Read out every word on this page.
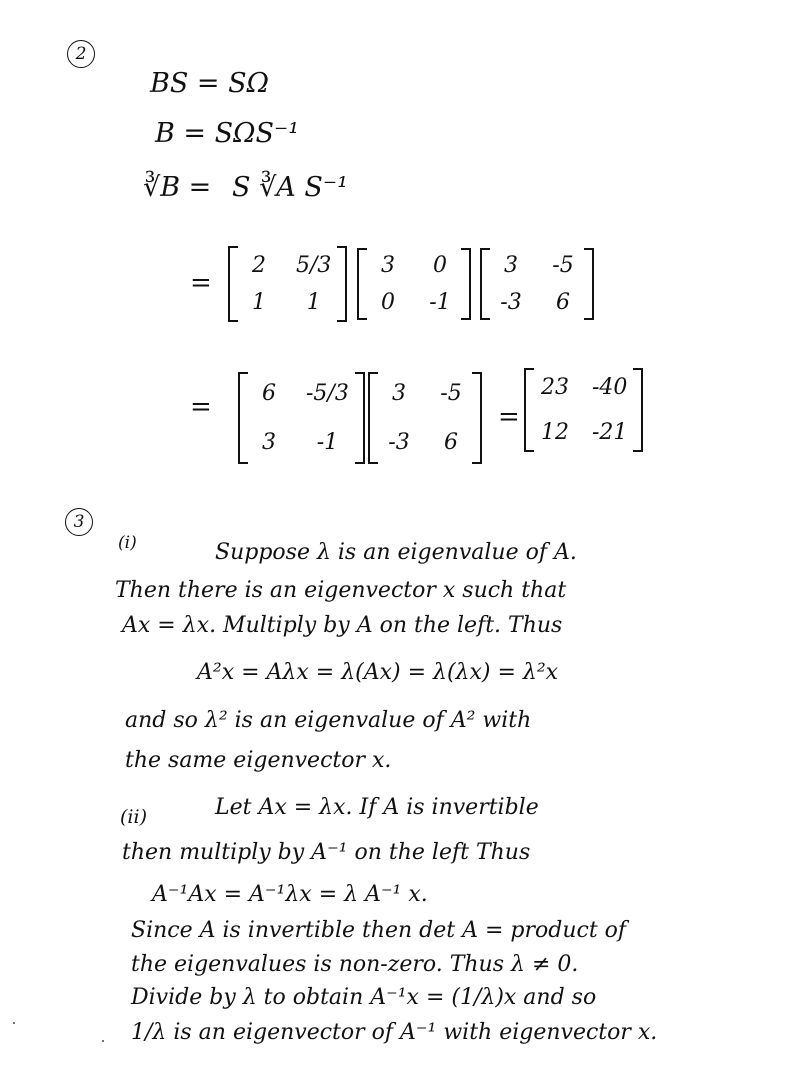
2
BS = SΩ
B = SΩS⁻¹
∛B = S ∛A S⁻¹
=
2	5/3
1	1
3	0
0	-1
3	-5
-3	6
=	6	-5/3
3	-1
3	-5
-3	6
=
23 -40
12 -21
3
(i)	Suppose λ is an eigenvalue of A.
Then there is an eigenvector x such that
Ax = λx. Multiply by A on the left. Thus
A²x = Aλx = λ(Ax) = λ(λx) = λ²x
and so λ² is an eigenvalue of A² with
the same eigenvector x.
(ii)	Let Ax = λx. If A is invertible
then multiply by A⁻¹ on the left Thus
A⁻¹Ax = A⁻¹λx = λ A⁻¹ x.
Since A is invertible then det A = product of
the eigenvalues is non-zero. Thus λ ≠ 0.
Divide by λ to obtain A⁻¹x = (1/λ)x and so
1/λ is an eigenvector of A⁻¹ with eigenvector x.
